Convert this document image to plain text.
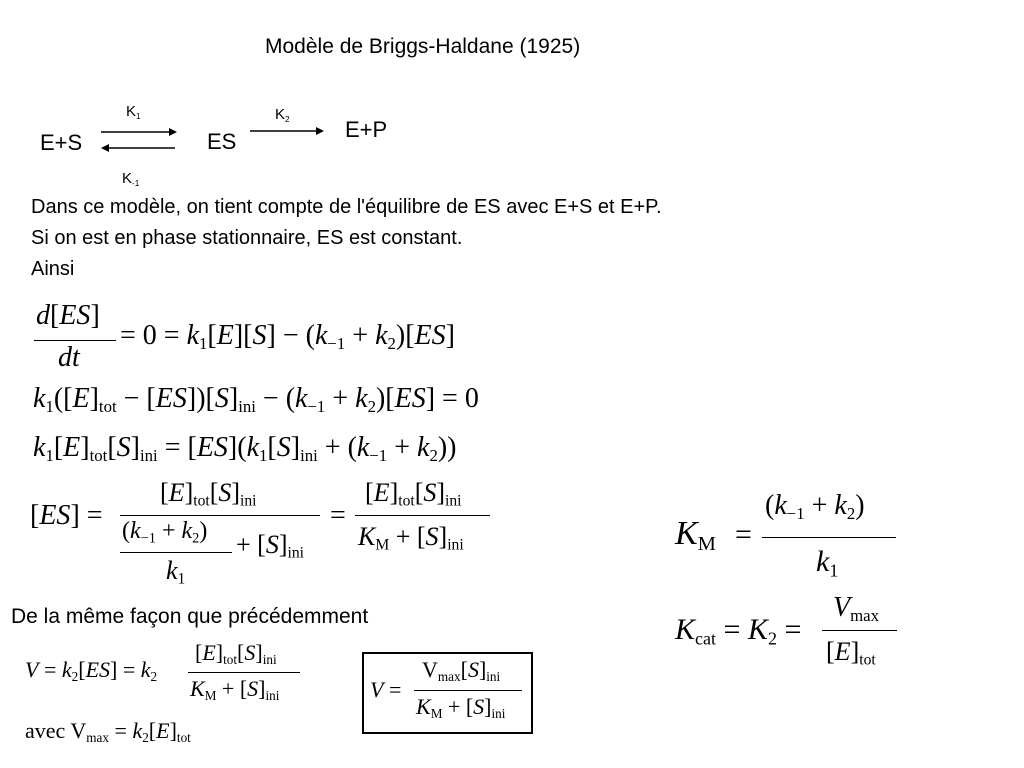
Modèle de Briggs-Haldane (1925)
E+S	ES	E+P
$K_1$
$K_{-1}$
$K_2$
Dans ce modèle, on tient compte de l'équilibre de ES avec E+S et E+P.
Si on est en phase stationnaire, ES est constant.
Ainsi
d[ES]
dt
= 0 = k1[E][S] − (k−1 + k2)[ES]
k1([E]tot − [ES])[S]ini − (k−1 + k2)[ES] = 0
k1[E]tot[S]ini = [ES](k1[S]ini + (k−1 + k2))
[ES] =
[E]tot[S]ini
(k−1 + k2)
k1
+ [S]ini
=
[E]tot[S]ini
KM + [S]ini	KM =
(k−1 + k2)
k1
Kcat = K2 =
Vmax
[E]tot
De la même façon que précédemment
V = k2[ES] = k2
[E]tot[S]ini
KM + [S]ini
avec Vmax = k2[E]tot
V =
Vmax[S]ini
KM + [S]ini
